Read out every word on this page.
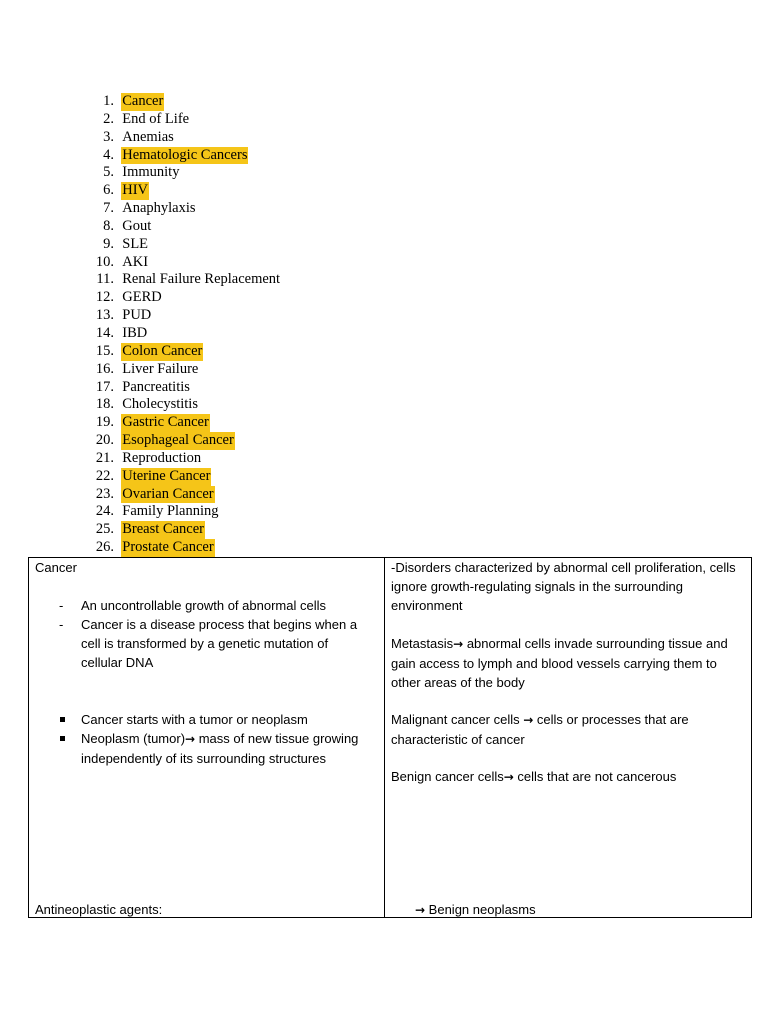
1. Cancer
2. End of Life
3. Anemias
4. Hematologic Cancers
5. Immunity
6. HIV
7. Anaphylaxis
8. Gout
9. SLE
10. AKI
11. Renal Failure Replacement
12. GERD
13. PUD
14. IBD
15. Colon Cancer
16. Liver Failure
17. Pancreatitis
18. Cholecystitis
19. Gastric Cancer
20. Esophageal Cancer
21. Reproduction
22. Uterine Cancer
23. Ovarian Cancer
24. Family Planning
25. Breast Cancer
26. Prostate Cancer
Cancer
- An uncontrollable growth of abnormal cells
- Cancer is a disease process that begins when a cell is transformed by a genetic mutation of cellular DNA
Cancer starts with a tumor or neoplasm
Neoplasm (tumor)→ mass of new tissue growing independently of its surrounding structures
Antineoplastic agents:
-Disorders characterized by abnormal cell proliferation, cells ignore growth-regulating signals in the surrounding environment
Metastasis→ abnormal cells invade surrounding tissue and gain access to lymph and blood vessels carrying them to other areas of the body
Malignant cancer cells → cells or processes that are characteristic of cancer
Benign cancer cells→ cells that are not cancerous
→ Benign neoplasms
